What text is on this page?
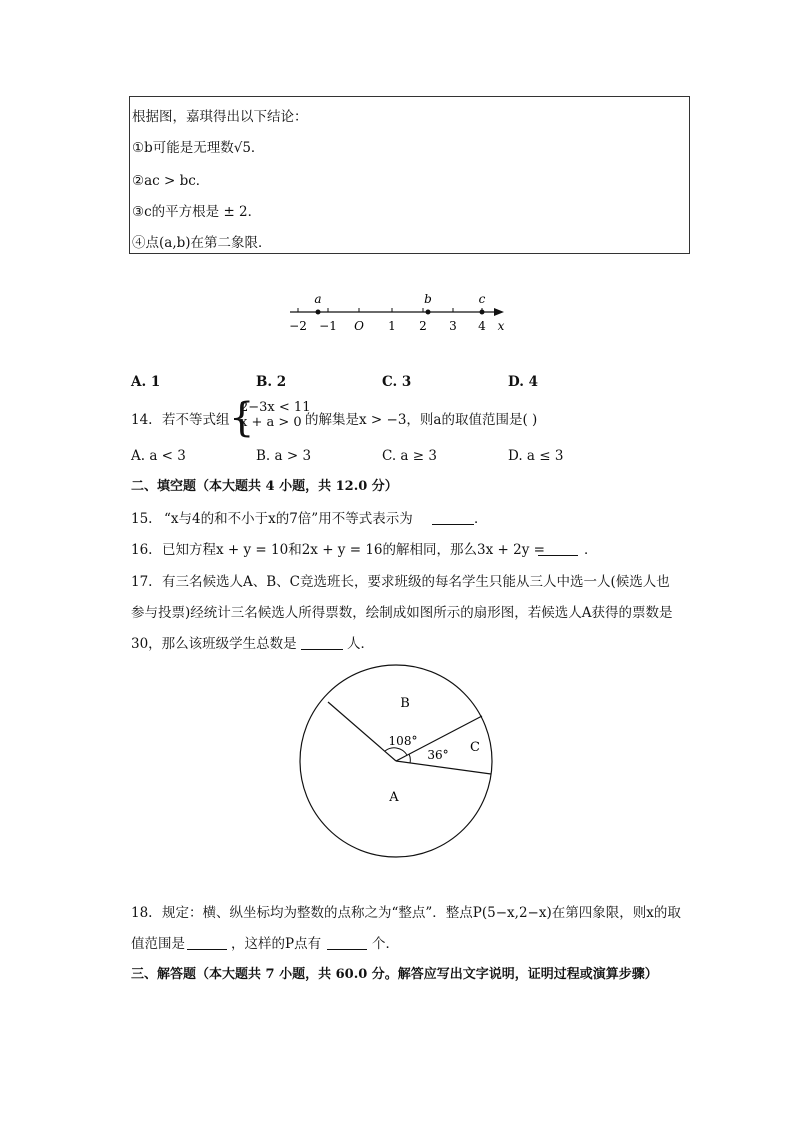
根据图，嘉琪得出以下结论：
①b可能是无理数√5．
②ac > bc．
③c的平方根是 ± 2．
④点(a,b)在第二象限．
a	b	c
−2 −1 O 1 2 3 4 x
A. 1	B. 2	C. 3	D. 4
14. 若不等式组 {
2−3x < 11
x + a > 0 的解集是x > −3，则a的取值范围是( )
A. a < 3	B. a > 3	C. a ≥ 3	D. a ≤ 3
二、填空题（本大题共 4 小题，共 12.0 分）
15. “x与4的和不小于x的7倍”用不等式表示为	．
16. 已知方程x + y = 10和2x + y = 16的解相同，那么3x + 2y =	．
17. 有三名候选人A、B、C竞选班长，要求班级的每名学生只能从三人中选一人(候选人也
参与投票)经统计三名候选人所得票数，绘制成如图所示的扇形图，若候选人A获得的票数是
30，那么该班级学生总数是	人．
B
C
A
108°
36°
18. 规定：横、纵坐标均为整数的点称之为“整点”．整点P(5−x,2−x)在第四象限，则x的取
值范围是	，这样的P点有	个．
三、解答题（本大题共 7 小题，共 60.0 分。解答应写出文字说明，证明过程或演算步骤）
